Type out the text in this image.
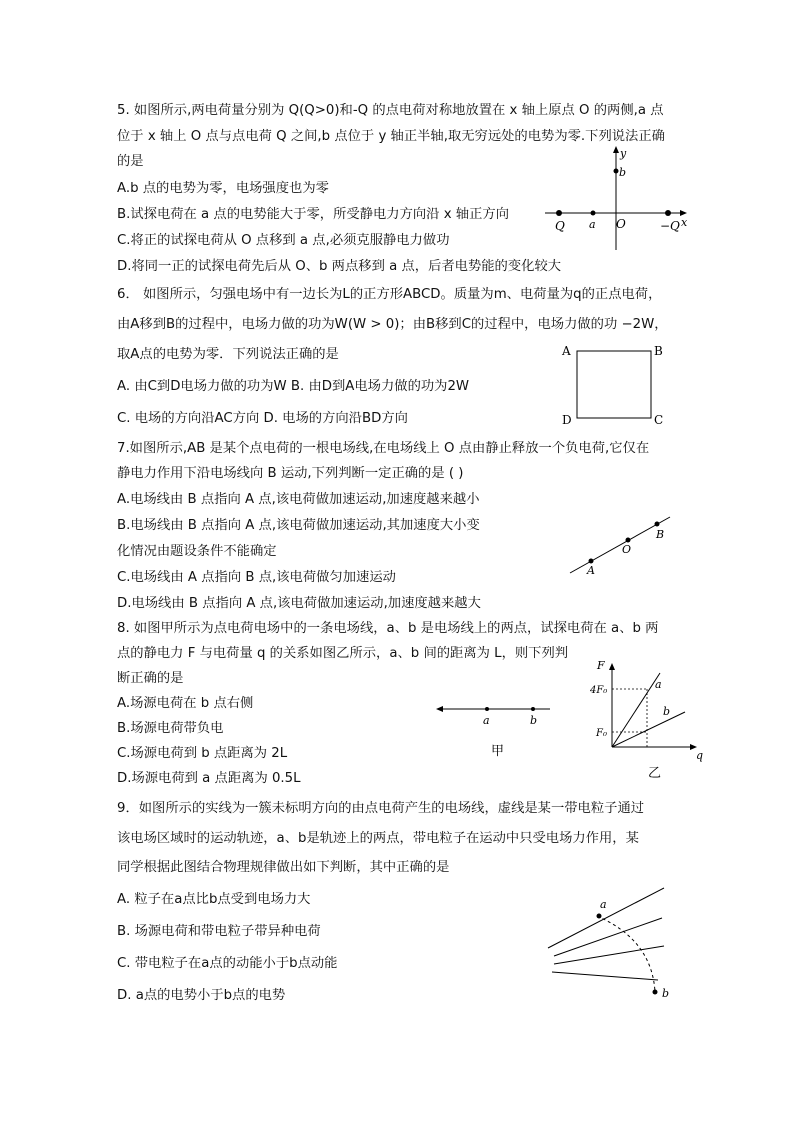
5. 如图所示,两电荷量分别为 Q(Q>0)和-Q 的点电荷对称地放置在 x 轴上原点 O 的两侧,a 点
位于 x 轴上 O 点与点电荷 Q 之间,b 点位于 y 轴正半轴,取无穷远处的电势为零.下列说法正确
的是
A.b 点的电势为零，电场强度也为零
B.试探电荷在 a 点的电势能大于零，所受静电力方向沿 x 轴正方向
C.将正的试探电荷从 O 点移到 a 点,必须克服静电力做功
D.将同一正的试探电荷先后从 O、b 两点移到 a 点，后者电势能的变化较大
y
b
Q a O	−Q x
6． 如图所示，匀强电场中有一边长为L的正方形ABCD。质量为m、电荷量为q的正点电荷，
由A移到B的过程中，电场力做的功为W(W > 0)；由B移到C的过程中，电场力做的功 −2W，
取A点的电势为零．下列说法正确的是
A. 由C到D电场力做的功为W B. 由D到A电场力做的功为2W
C. 电场的方向沿AC方向 D. 电场的方向沿BD方向
A	B
C
D
7.如图所示,AB 是某个点电荷的一根电场线,在电场线上 O 点由静止释放一个负电荷,它仅在
静电力作用下沿电场线向 B 运动,下列判断一定正确的是 ( )
A.电场线由 B 点指向 A 点,该电荷做加速运动,加速度越来越小
B.电场线由 B 点指向 A 点,该电荷做加速运动,其加速度大小变
化情况由题设条件不能确定
C.电场线由 A 点指向 B 点,该电荷做匀加速运动
D.电场线由 B 点指向 A 点,该电荷做加速运动,加速度越来越大
A
O
B
8. 如图甲所示为点电荷电场中的一条电场线，a、b 是电场线上的两点，试探电荷在 a、b 两
点的静电力 F 与电荷量 q 的关系如图乙所示，a、b 间的距离为 L，则下列判
断正确的是
A.场源电荷在 b 点右侧
B.场源电荷带负电
C.场源电荷到 b 点距离为 2L
D.场源电荷到 a 点距离为 0.5L
a	b
甲
F
4F₀
F₀
q
a
b
乙
9．如图所示的实线为一簇未标明方向的由点电荷产生的电场线，虚线是某一带电粒子通过
该电场区域时的运动轨迹，a、b是轨迹上的两点，带电粒子在运动中只受电场力作用，某
同学根据此图结合物理规律做出如下判断，其中正确的是
A. 粒子在a点比b点受到电场力大
B. 场源电荷和带电粒子带异种电荷
C. 带电粒子在a点的动能小于b点动能
D. a点的电势小于b点的电势
a
b
